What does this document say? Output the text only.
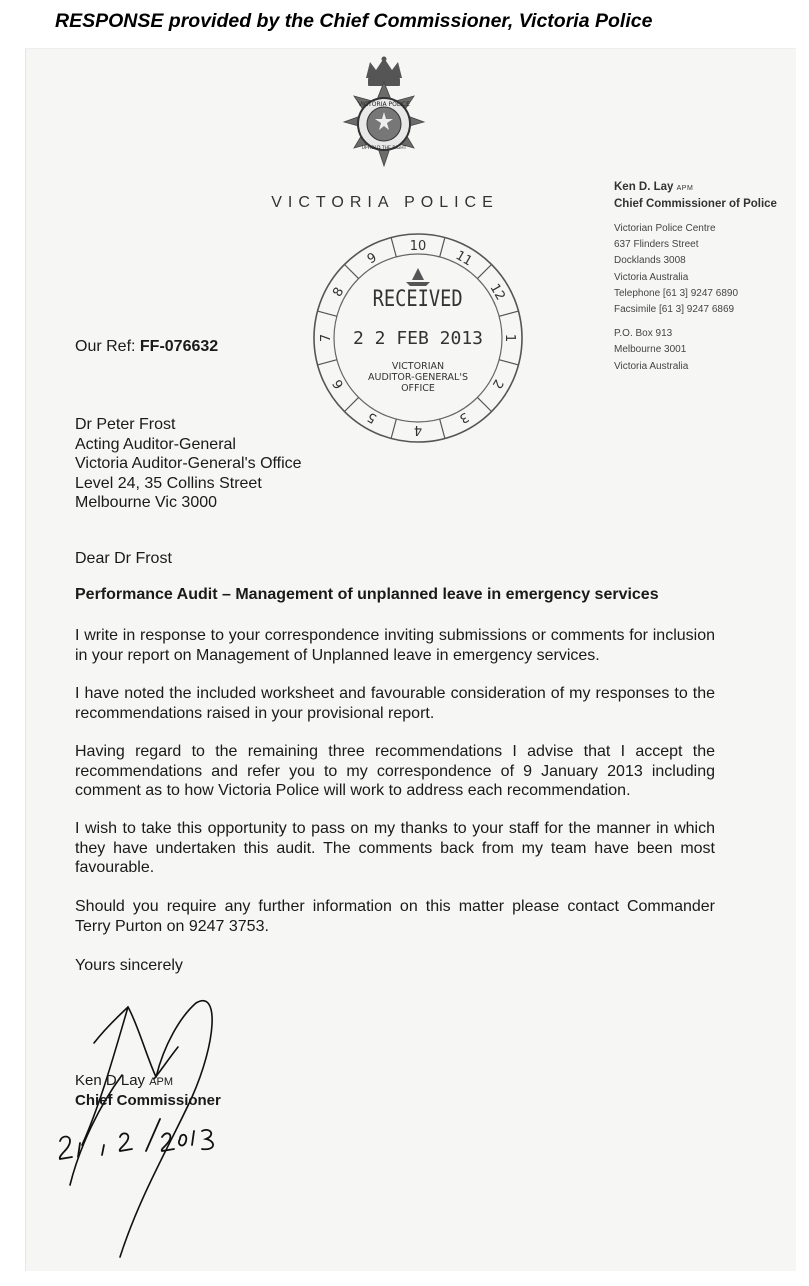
RESPONSE provided by the Chief Commissioner, Victoria Police
VICTORIA POLICE
UPHOLD THE RIGHT
VICTORIA POLICE
Ken D. Lay APM
Chief Commissioner of Police
Victorian Police Centre
637 Flinders Street
Docklands 3008
Victoria Australia
Telephone [61 3] 9247 6890
Facsimile [61 3] 9247 6869
P.O. Box 913
Melbourne 3001
Victoria Australia
9
10
11
12
1
2
3
4
5
6
7
8 RECEIVED
2 2 FEB 2013
VICTORIAN
AUDITOR-GENERAL'S
OFFICE
Our Ref: FF-076632
Dr Peter Frost
Acting Auditor-General
Victoria Auditor-General's Office
Level 24, 35 Collins Street
Melbourne Vic 3000
Dear Dr Frost
Performance Audit – Management of unplanned leave in emergency services

I write in response to your correspondence inviting submissions or comments for inclusion in your report on Management of Unplanned leave in emergency services.

I have noted the included worksheet and favourable consideration of my responses to the recommendations raised in your provisional report.

Having regard to the remaining three recommendations I advise that I accept the recommendations and refer you to my correspondence of 9 January 2013 including comment as to how Victoria Police will work to address each recommendation.

I wish to take this opportunity to pass on my thanks to your staff for the manner in which they have undertaken this audit. The comments back from my team have been most favourable.

Should you require any further information on this matter please contact Commander Terry Purton on 9247 3753.

Yours sincerely
Ken D Lay APM
Chief Commissioner
